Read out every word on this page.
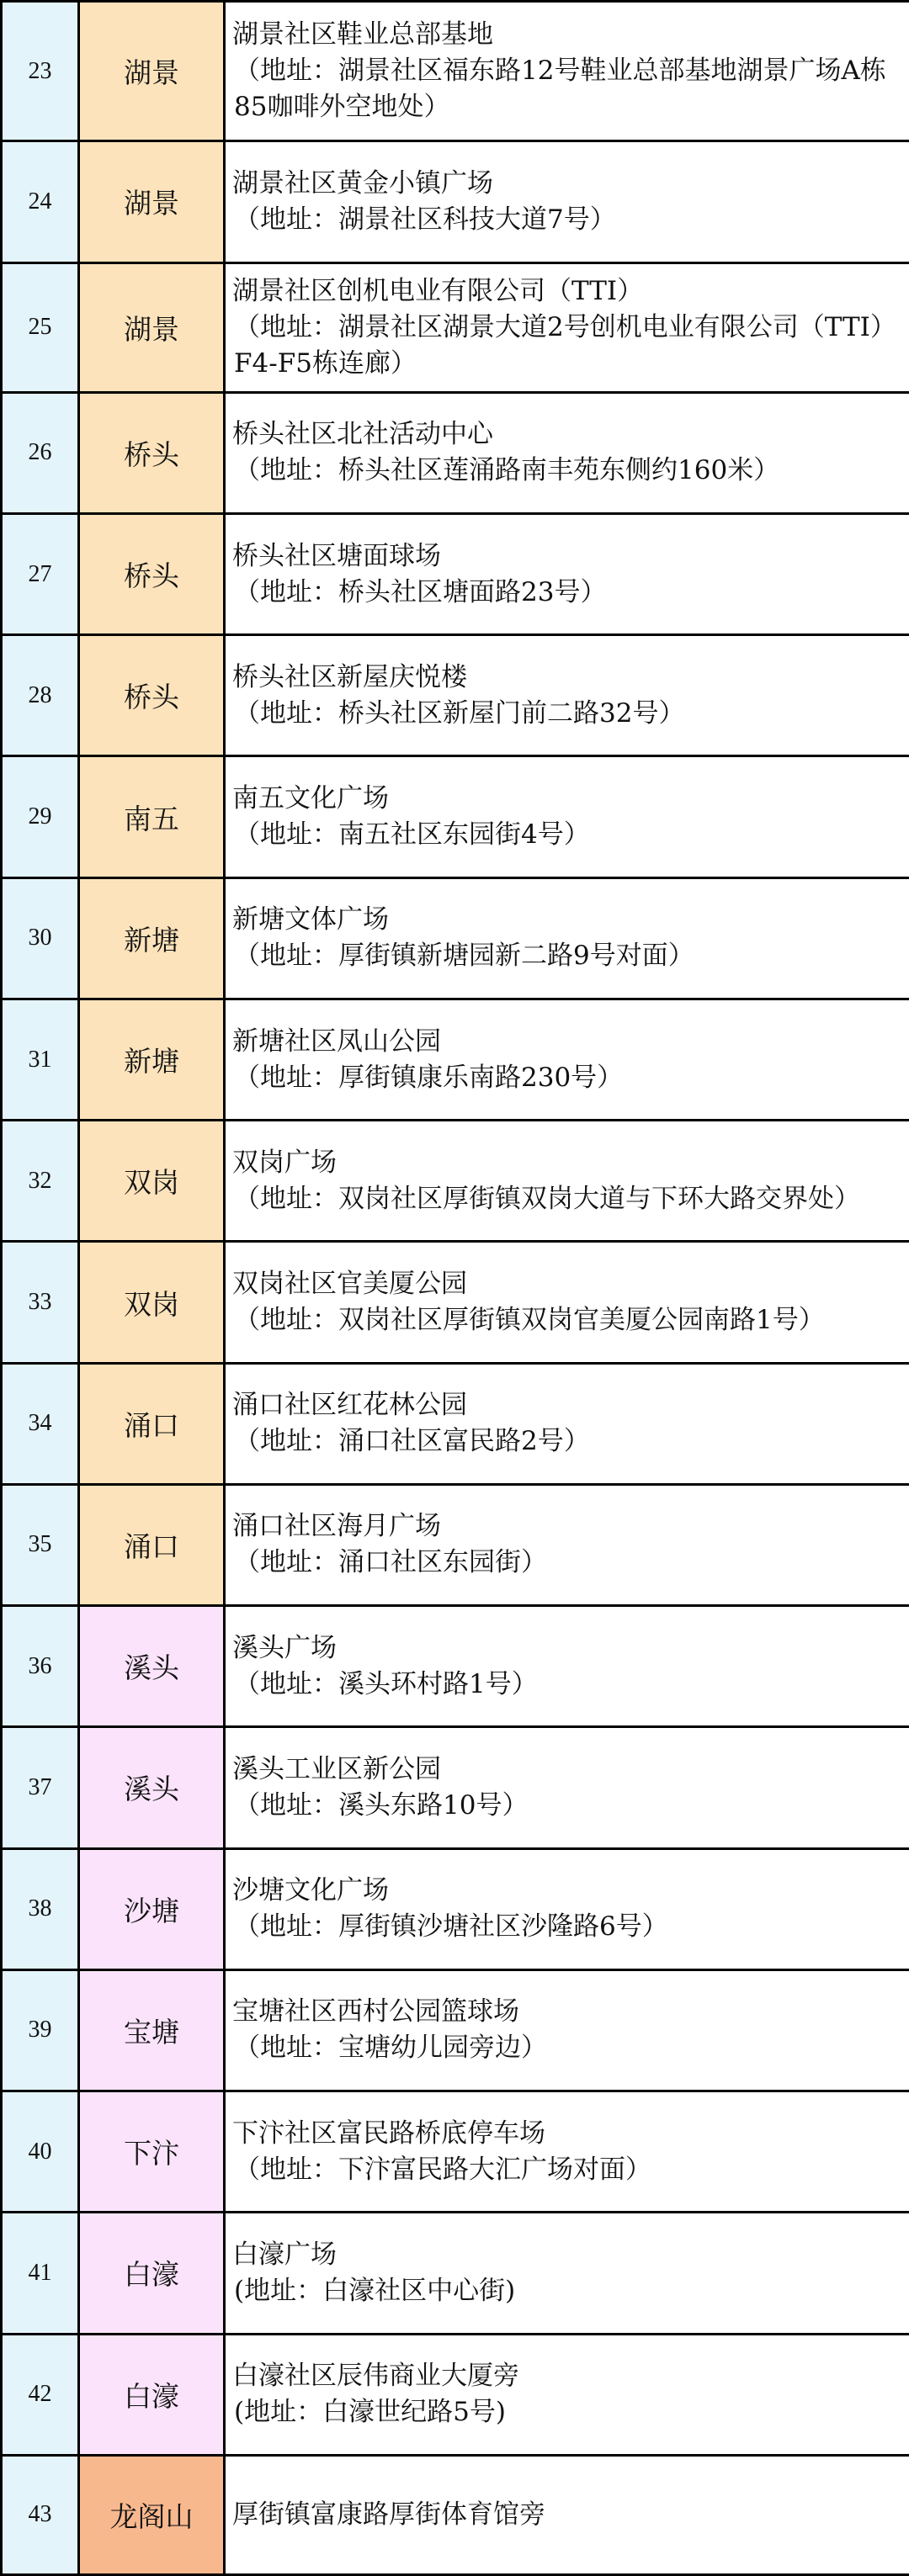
23	湖景	湖景社区鞋业总部基地
（地址：湖景社区福东路12号鞋业总部基地湖景广场A栋85咖啡外空地处）

24	湖景	湖景社区黄金小镇广场
（地址：湖景社区科技大道7号）

25	湖景	湖景社区创机电业有限公司（TTI）
（地址：湖景社区湖景大道2号创机电业有限公司（TTI）F4-F5栋连廊）

26	桥头	桥头社区北社活动中心
（地址：桥头社区莲涌路南丰苑东侧约160米）

27	桥头	桥头社区塘面球场
（地址：桥头社区塘面路23号）

28	桥头	桥头社区新屋庆悦楼
（地址：桥头社区新屋门前二路32号）

29	南五	南五文化广场
（地址：南五社区东园街4号）

30	新塘	新塘文体广场
（地址：厚街镇新塘园新二路9号对面）

31	新塘	新塘社区凤山公园
（地址：厚街镇康乐南路230号）

32	双岗	双岗广场
（地址：双岗社区厚街镇双岗大道与下环大路交界处）

33	双岗	双岗社区官美厦公园
（地址：双岗社区厚街镇双岗官美厦公园南路1号）

34	涌口	涌口社区红花林公园
（地址：涌口社区富民路2号）

35	涌口	涌口社区海月广场
（地址：涌口社区东园街）

36	溪头	溪头广场
（地址：溪头环村路1号）

37	溪头	溪头工业区新公园
（地址：溪头东路10号）

38	沙塘	沙塘文化广场
（地址：厚街镇沙塘社区沙隆路6号）

39	宝塘	宝塘社区西村公园篮球场
（地址：宝塘幼儿园旁边）

40	下汴	下汴社区富民路桥底停车场
（地址：下汴富民路大汇广场对面）

41	白濠	白濠广场
(地址：白濠社区中心街)

42	白濠	白濠社区辰伟商业大厦旁
(地址：白濠世纪路5号)

43	龙阁山	厚街镇富康路厚街体育馆旁
